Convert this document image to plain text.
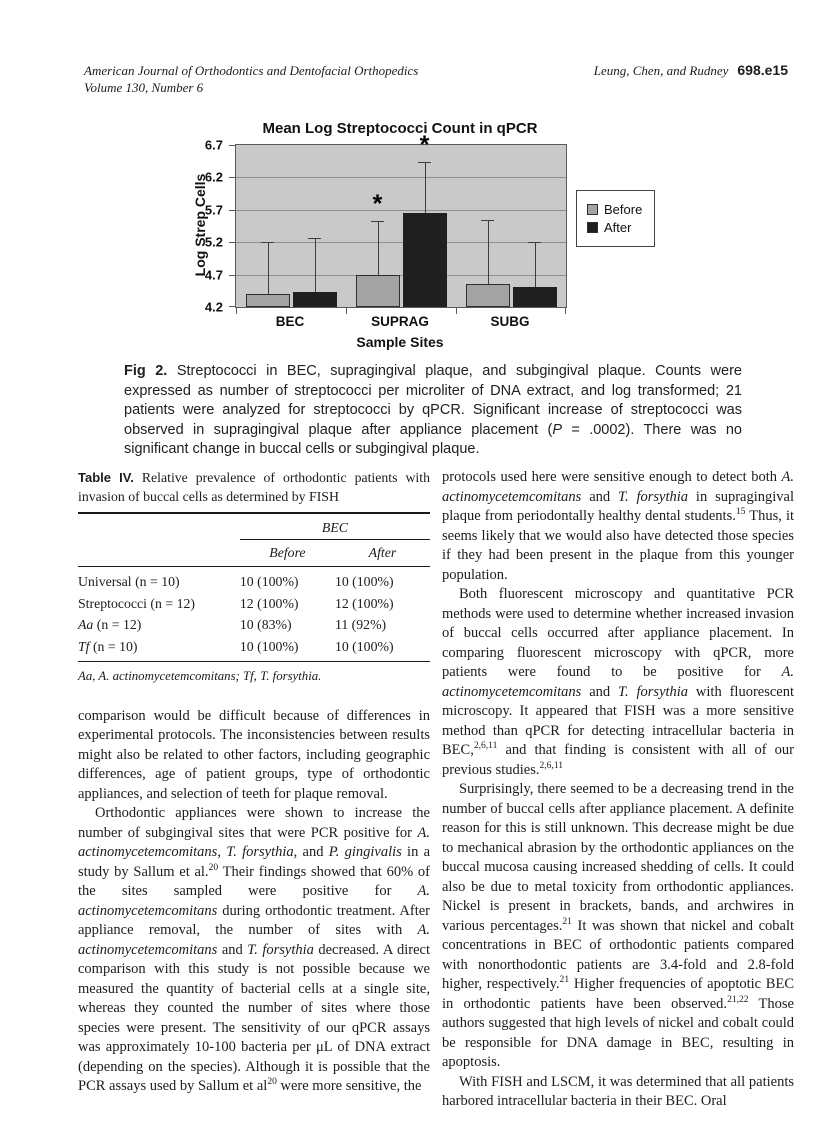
American Journal of Orthodontics and Dentofacial Orthopedics
Volume 130, Number 6
Leung, Chen, and Rudney 698.e15
Mean Log Streptococci Count in qPCR
Log Strep Cells
4.2
4.7
5.2
5.7
6.2
6.7
*
*
BEC	SUPRAG	SUBG
Sample Sites
Before
After
Fig 2. Streptococci in BEC, supragingival plaque, and subgingival plaque. Counts were expressed as number of streptococci per microliter of DNA extract, and log transformed; 21 patients were analyzed for streptococci by qPCR. Significant increase of streptococci was observed in supragingival plaque after appliance placement (P = .0002). There was no significant change in buccal cells or subgingival plaque.
Table IV. Relative prevalence of orthodontic patients with invasion of buccal cells as determined by FISH
	BEC	
	Before	After
Universal (n = 10)	10 (100%)	10 (100%)
Streptococci (n = 12)	12 (100%)	12 (100%)
Aa (n = 12)	10 (83%)	11 (92%)
Tf (n = 10)	10 (100%)	10 (100%)
Aa, A. actinomycetemcomitans; Tf, T. forsythia.

comparison would be difficult because of differences in experimental protocols. The inconsistencies between results might also be related to other factors, including geographic differences, age of patient groups, type of orthodontic appliances, and selection of teeth for plaque removal.

Orthodontic appliances were shown to increase the number of subgingival sites that were PCR positive for A. actinomycetemcomitans, T. forsythia, and P. gingivalis in a study by Sallum et al.$^{20}$ Their findings showed that 60% of the sites sampled were positive for A. actinomycetemcomitans during orthodontic treatment. After appliance removal, the number of sites with A. actinomycetemcomitans and T. forsythia decreased. A direct comparison with this study is not possible because we measured the quantity of bacterial cells at a single site, whereas they counted the number of sites where those species were present. The sensitivity of our qPCR assays was approximately 10-100 bacteria per μL of DNA extract (depending on the species). Although it is possible that the PCR assays used by Sallum et $al^{20}$ were more sensitive, the

protocols used here were sensitive enough to detect both A. actinomycetemcomitans and T. forsythia in supragingival plaque from periodontally healthy dental students.$^{15}$ Thus, it seems likely that we would also have detected those species if they had been present in the plaque from this younger population.

Both fluorescent microscopy and quantitative PCR methods were used to determine whether increased invasion of buccal cells occurred after appliance placement. In comparing fluorescent microscopy with qPCR, more patients were found to be positive for A. actinomycetemcomitans and T. forsythia with fluorescent microscopy. It appeared that FISH was a more sensitive method than qPCR for detecting intracellular bacteria in BEC,$^{2,6,11}$ and that finding is consistent with all of our previous studies.$^{2,6,11}$

Surprisingly, there seemed to be a decreasing trend in the number of buccal cells after appliance placement. A definite reason for this is still unknown. This decrease might be due to mechanical abrasion by the orthodontic appliances on the buccal mucosa causing increased shedding of cells. It could also be due to metal toxicity from orthodontic appliances. Nickel is present in brackets, bands, and archwires in various percentages.$^{21}$ It was shown that nickel and cobalt concentrations in BEC of orthodontic patients compared with nonorthodontic patients are 3.4-fold and 2.8-fold higher, respectively.$^{21}$ Higher frequencies of apoptotic BEC in orthodontic patients have been observed.$^{21,22}$ Those authors suggested that high levels of nickel and cobalt could be responsible for DNA damage in BEC, resulting in apoptosis.

With FISH and LSCM, it was determined that all patients harbored intracellular bacteria in their BEC. Oral
